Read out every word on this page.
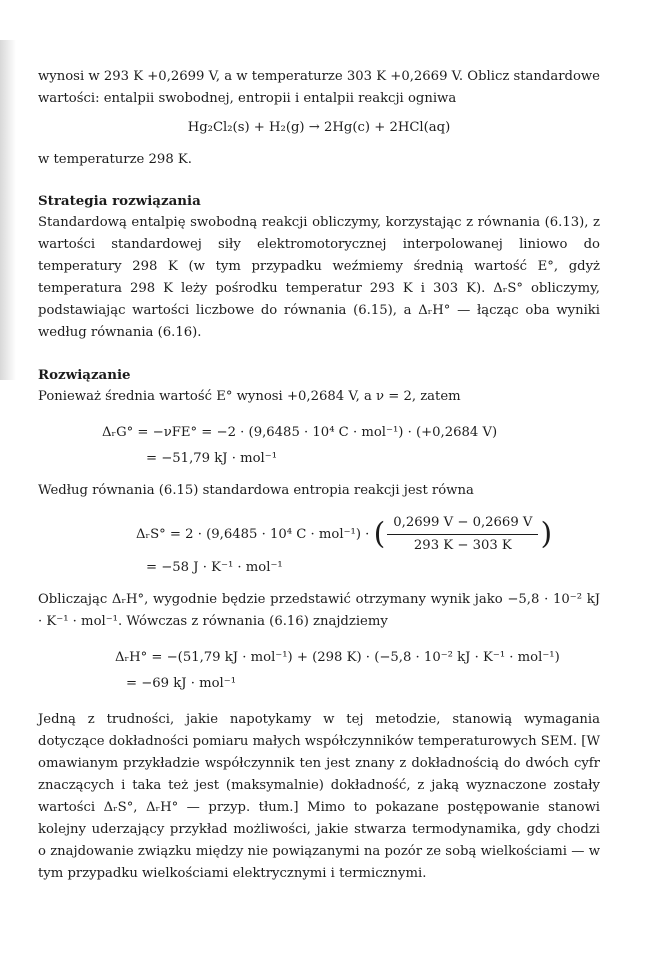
wynosi w 293 K +0,2699 V, a w temperaturze 303 K +0,2669 V. Oblicz standardowe wartości: entalpii swobodnej, entropii i entalpii reakcji ogniwa

Hg₂Cl₂(s) + H₂(g) → 2Hg(c) + 2HCl(aq)

w temperaturze 298 K.

Strategia rozwiązania

Standardową entalpię swobodną reakcji obliczymy, korzystając z równania (6.13), z wartości standardowej siły elektromotorycznej interpolowanej liniowo do temperatury 298 K (w tym przypadku weźmiemy średnią wartość E°, gdyż temperatura 298 K leży pośrodku temperatur 293 K i 303 K). ΔᵣS° obliczymy, podstawiając wartości liczbowe do równania (6.15), a ΔᵣH° — łącząc oba wyniki według równania (6.16).

Rozwiązanie

Ponieważ średnia wartość E° wynosi +0,2684 V, a ν = 2, zatem

ΔᵣG° = −νFE° = −2 · (9,6485 · 10⁴ C · mol⁻¹) · (+0,2684 V)
= −51,79 kJ · mol⁻¹

Według równania (6.15) standardowa entropia reakcji jest równa

ΔᵣS° = 2 · (9,6485 · 10⁴ C · mol⁻¹) · ( $\frac{0,2699 V - 0,2669 V}{293 K - 303 K}$ )
= −58 J · K⁻¹ · mol⁻¹

Obliczając ΔᵣH°, wygodnie będzie przedstawić otrzymany wynik jako −5,8 · 10⁻² kJ · K⁻¹ · mol⁻¹. Wówczas z równania (6.16) znajdziemy

ΔᵣH° = −(51,79 kJ · mol⁻¹) + (298 K) · (−5,8 · 10⁻² kJ · K⁻¹ · mol⁻¹)
= −69 kJ · mol⁻¹

Jedną z trudności, jakie napotykamy w tej metodzie, stanowią wymagania dotyczące dokładności pomiaru małych współczynników temperaturowych SEM. [W omawianym przykładzie współczynnik ten jest znany z dokładnością do dwóch cyfr znaczących i taka też jest (maksymalnie) dokładność, z jaką wyznaczone zostały wartości ΔᵣS°, ΔᵣH° — przyp. tłum.] Mimo to pokazane postępowanie stanowi kolejny uderzający przykład możliwości, jakie stwarza termodynamika, gdy chodzi o znajdowanie związku między nie powiązanymi na pozór ze sobą wielkościami — w tym przypadku wielkościami elektrycznymi i termicznymi.
